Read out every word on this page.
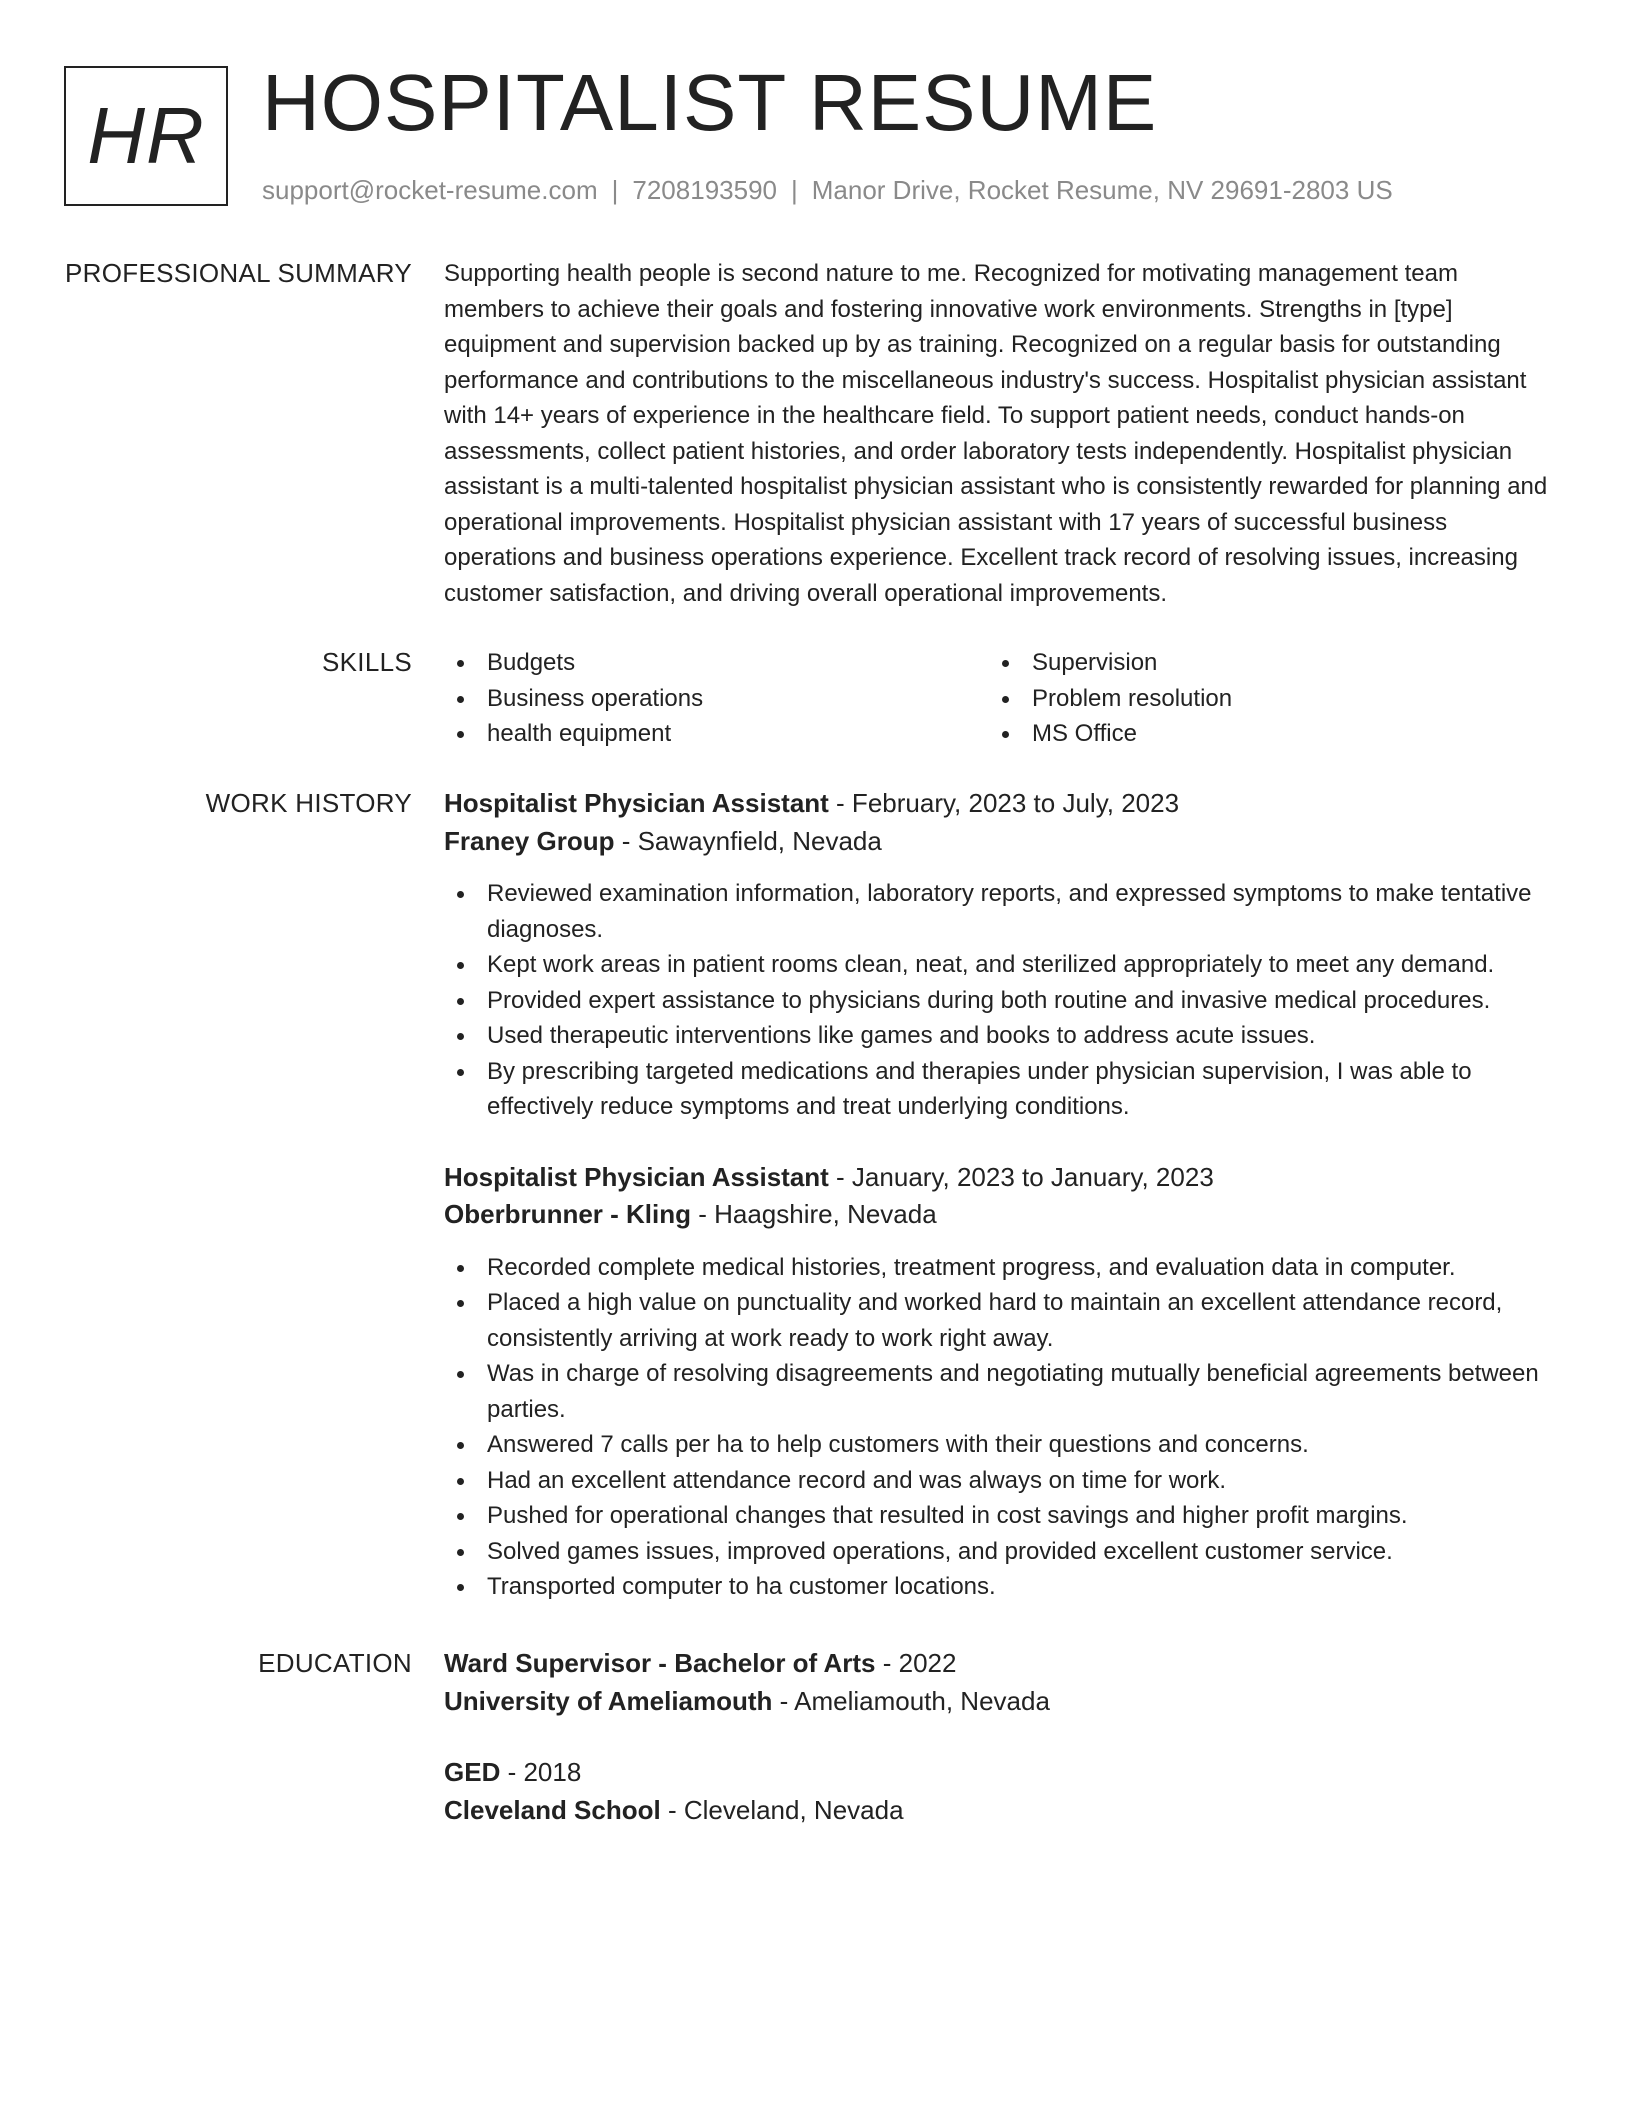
HR HOSPITALIST RESUME
support@rocket-resume.com | 7208193590 | Manor Drive, Rocket Resume, NV 29691-2803 US
PROFESSIONAL SUMMARY Supporting health people is second nature to me. Recognized for motivating management team members to achieve their goals and fostering innovative work environments. Strengths in [type] equipment and supervision backed up by as training. Recognized on a regular basis for outstanding performance and contributions to the miscellaneous industry's success. Hospitalist physician assistant with 14+ years of experience in the healthcare field. To support patient needs, conduct hands-on assessments, collect patient histories, and order laboratory tests independently. Hospitalist physician assistant is a multi-talented hospitalist physician assistant who is consistently rewarded for planning and operational improvements. Hospitalist physician assistant with 17 years of successful business operations and business operations experience. Excellent track record of resolving issues, increasing customer satisfaction, and driving overall operational improvements.

SKILLS	Budgets
Business operations
health equipment
Supervision
Problem resolution
MS Office
WORK HISTORY Hospitalist Physician Assistant - February, 2023 to July, 2023
Franey Group - Sawaynfield, Nevada
Reviewed examination information, laboratory reports, and expressed symptoms to make tentative diagnoses.
Kept work areas in patient rooms clean, neat, and sterilized appropriately to meet any demand.
Provided expert assistance to physicians during both routine and invasive medical procedures.
Used therapeutic interventions like games and books to address acute issues.
By prescribing targeted medications and therapies under physician supervision, I was able to effectively reduce symptoms and treat underlying conditions.
Hospitalist Physician Assistant - January, 2023 to January, 2023
Oberbrunner - Kling - Haagshire, Nevada
Recorded complete medical histories, treatment progress, and evaluation data in computer.
Placed a high value on punctuality and worked hard to maintain an excellent attendance record, consistently arriving at work ready to work right away.
Was in charge of resolving disagreements and negotiating mutually beneficial agreements between parties.
Answered 7 calls per ha to help customers with their questions and concerns.
Had an excellent attendance record and was always on time for work.
Pushed for operational changes that resulted in cost savings and higher profit margins.
Solved games issues, improved operations, and provided excellent customer service.
Transported computer to ha customer locations.
EDUCATION Ward Supervisor - Bachelor of Arts - 2022
University of Ameliamouth - Ameliamouth, Nevada
GED - 2018
Cleveland School - Cleveland, Nevada
